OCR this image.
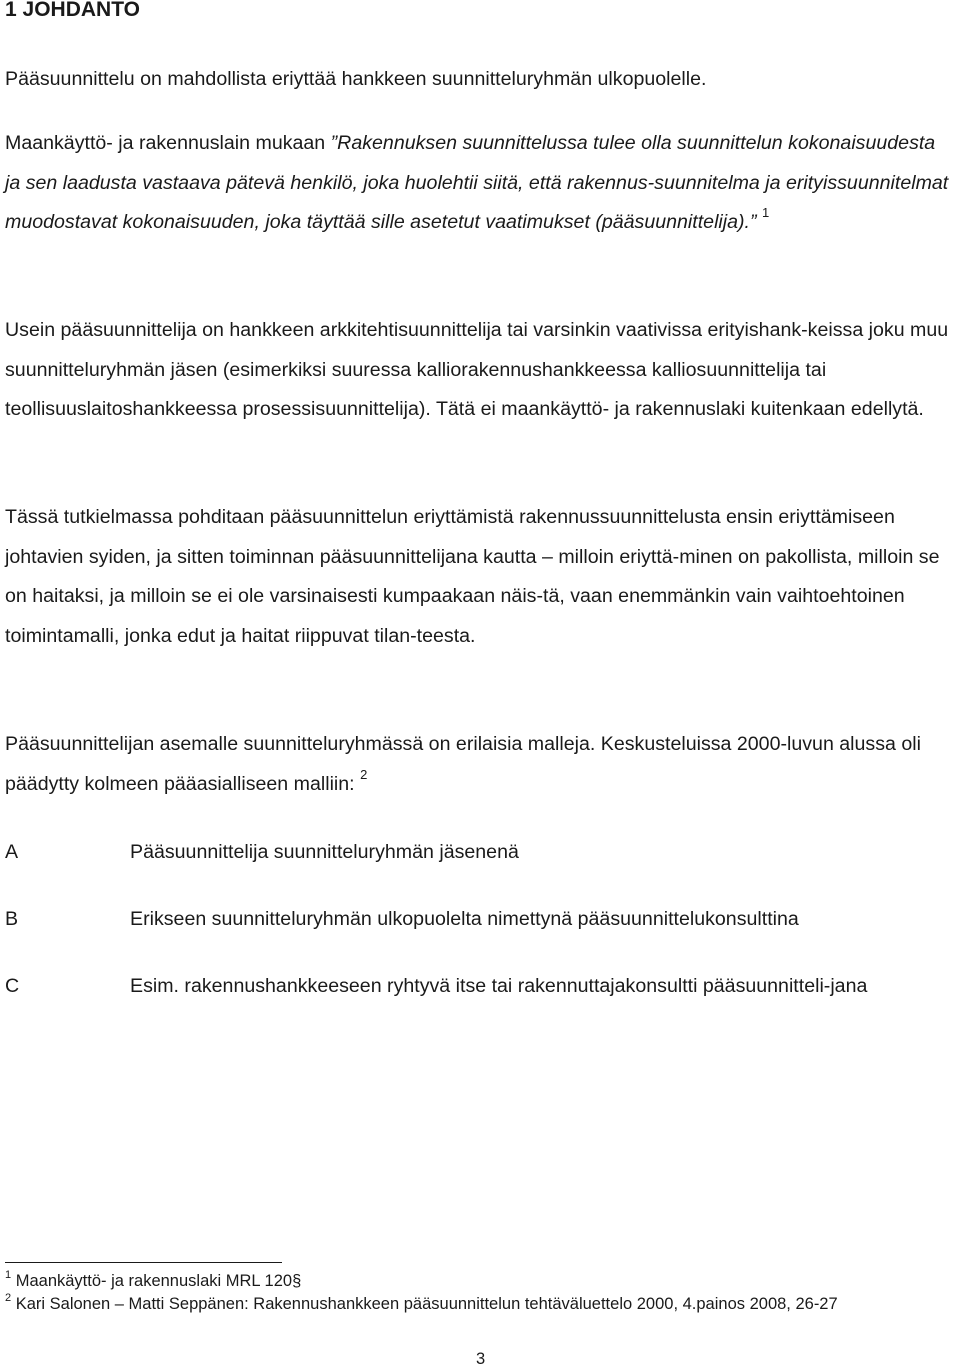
1 JOHDANTO

Pääsuunnittelu on mahdollista eriyttää hankkeen suunnitteluryhmän ulkopuolelle.

Maankäyttö- ja rakennuslain mukaan ”Rakennuksen suunnittelussa tulee olla suunnittelun kokonaisuudesta ja sen laadusta vastaava pätevä henkilö, joka huolehtii siitä, että rakennus-suunnitelma ja erityissuunnitelmat muodostavat kokonaisuuden, joka täyttää sille asetetut vaatimukset (pääsuunnittelija).” $^1$

Usein pääsuunnittelija on hankkeen arkkitehtisuunnittelija tai varsinkin vaativissa erityishank-keissa joku muu suunnitteluryhmän jäsen (esimerkiksi suuressa kalliorakennushankkeessa kalliosuunnittelija tai teollisuuslaitoshankkeessa prosessisuunnittelija). Tätä ei maankäyttö- ja rakennuslaki kuitenkaan edellytä.

Tässä tutkielmassa pohditaan pääsuunnittelun eriyttämistä rakennussuunnittelusta ensin eriyttämiseen johtavien syiden, ja sitten toiminnan pääsuunnittelijana kautta – milloin eriyttä-minen on pakollista, milloin se on haitaksi, ja milloin se ei ole varsinaisesti kumpaakaan näis-tä, vaan enemmänkin vain vaihtoehtoinen toimintamalli, jonka edut ja haitat riippuvat tilan-teesta.

Pääsuunnittelijan asemalle suunnitteluryhmässä on erilaisia malleja. Keskusteluissa 2000-luvun alussa oli päädytty kolmeen pääasialliseen malliin: $^2$

A	Pääsuunnittelija suunnitteluryhmän jäsenenä
B	Erikseen suunnitteluryhmän ulkopuolelta nimettynä pääsuunnittelukonsulttina
C	Esim. rakennushankkeeseen ryhtyvä itse tai rakennuttajakonsultti pääsuunnitteli-jana

$^1$ Maankäyttö- ja rakennuslaki MRL 120§

$^2$ Kari Salonen – Matti Seppänen: Rakennushankkeen pääsuunnittelun tehtäväluettelo 2000, 4.painos 2008, 26-27

3
